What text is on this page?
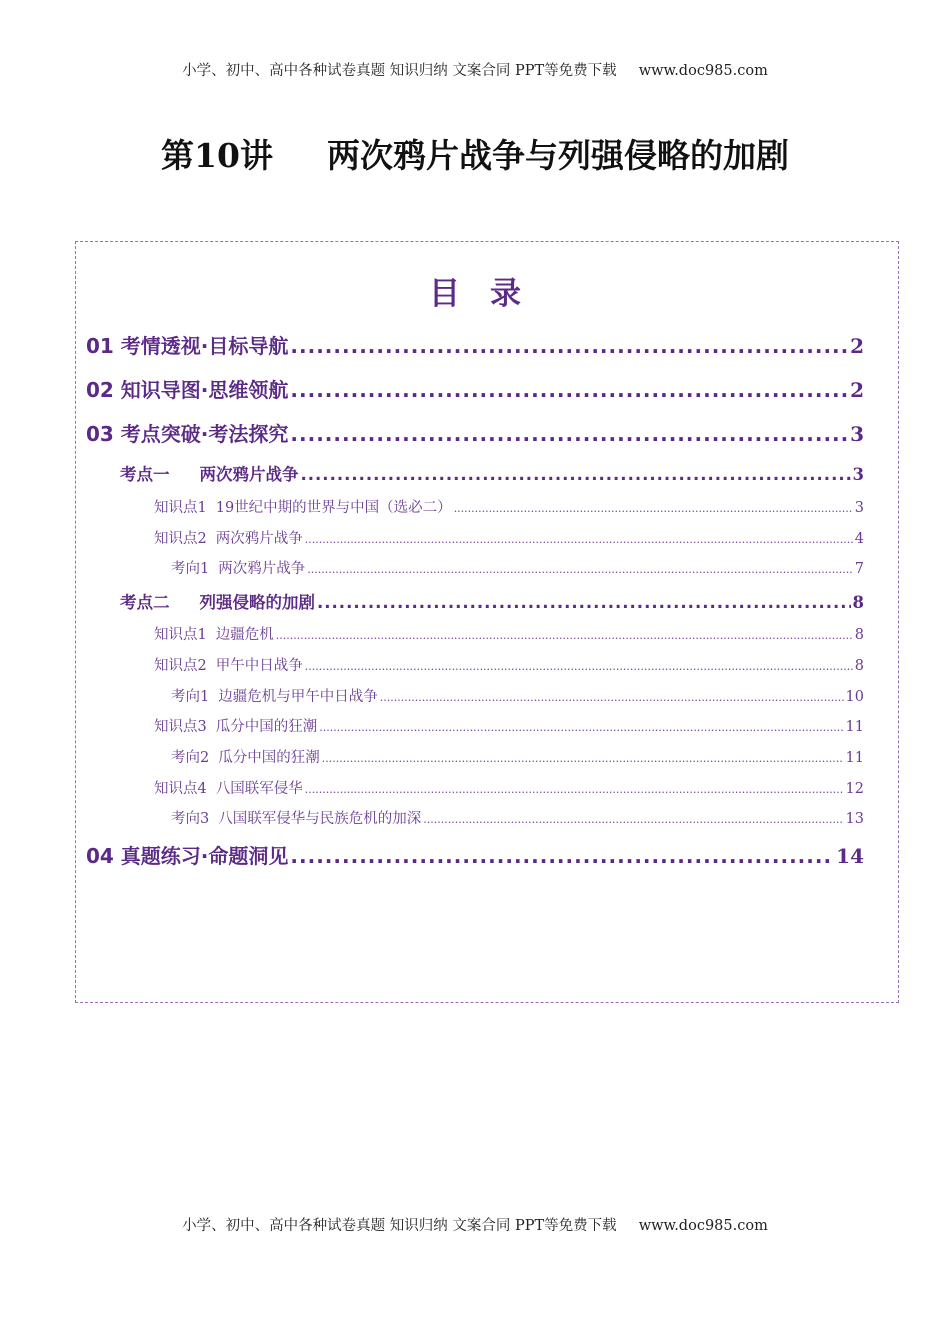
小学、初中、高中各种试卷真题 知识归纳 文案合同 PPT等免费下载 www.doc985.com
第10讲 两次鸦片战争与列强侵略的加剧
目录
01 考情透视·目标导航 .....	2
02 知识导图·思维领航 .....	2
03 考点突破·考法探究 .....	3
考点一 两次鸦片战争 .....	3
知识点1 19世纪中期的世界与中国（选必二） .....	3
知识点2 两次鸦片战争 .....	4
考向1 两次鸦片战争 .....	7
考点二 列强侵略的加剧 .....	8
知识点1 边疆危机 .....	8
知识点2 甲午中日战争 .....	8
考向1 边疆危机与甲午中日战争 .....	10
知识点3 瓜分中国的狂潮 .....	11
考向2 瓜分中国的狂潮 .....	11
知识点4 八国联军侵华 .....	12
考向3 八国联军侵华与民族危机的加深 .....	13
04 真题练习·命题洞见 .....	14
小学、初中、高中各种试卷真题 知识归纳 文案合同 PPT等免费下载 www.doc985.com
